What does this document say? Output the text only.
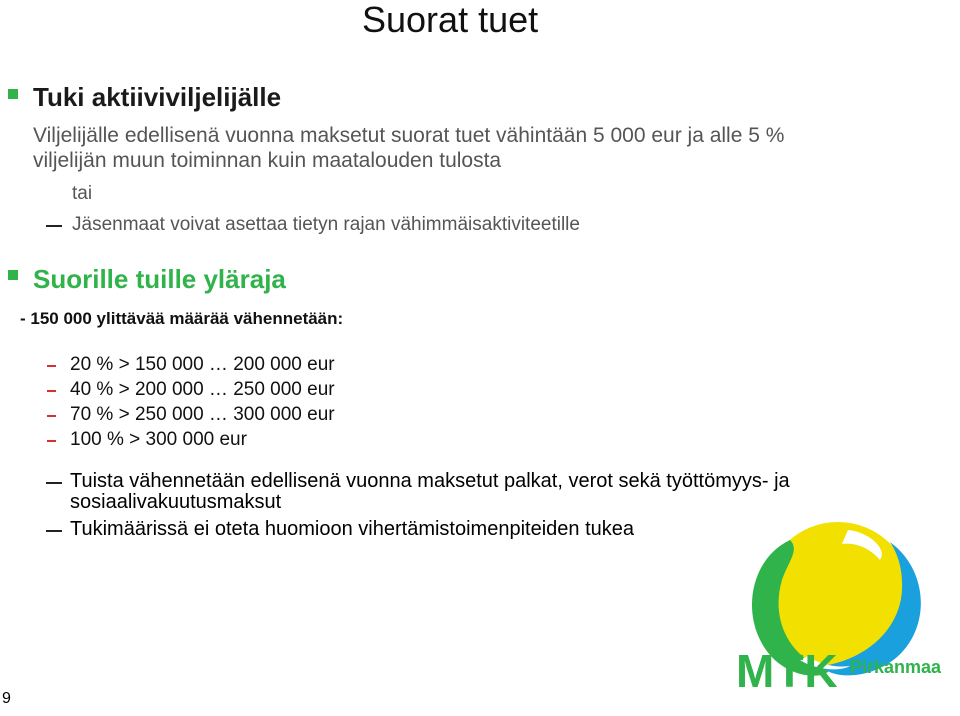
Suorat tuet
Tuki aktiiviviljelijälle
Viljelijälle edellisenä vuonna maksetut suorat tuet vähintään 5 000 eur ja alle 5 %
viljelijän muun toiminnan kuin maatalouden tulosta
tai
Jäsenmaat voivat asettaa tietyn rajan vähimmäisaktiviteetille
Suorille tuille yläraja
- 150 000 ylittävää määrää vähennetään:
20 % > 150 000 … 200 000 eur
40 % > 200 000 … 250 000 eur
70 % > 250 000 … 300 000 eur
100 % > 300 000 eur
Tuista vähennetään edellisenä vuonna maksetut palkat, verot sekä työttömyys- ja
sosiaalivakuutusmaksut
Tukimäärissä ei oteta huomioon vihertämistoimenpiteiden tukea
9
MTK Pirkanmaa
